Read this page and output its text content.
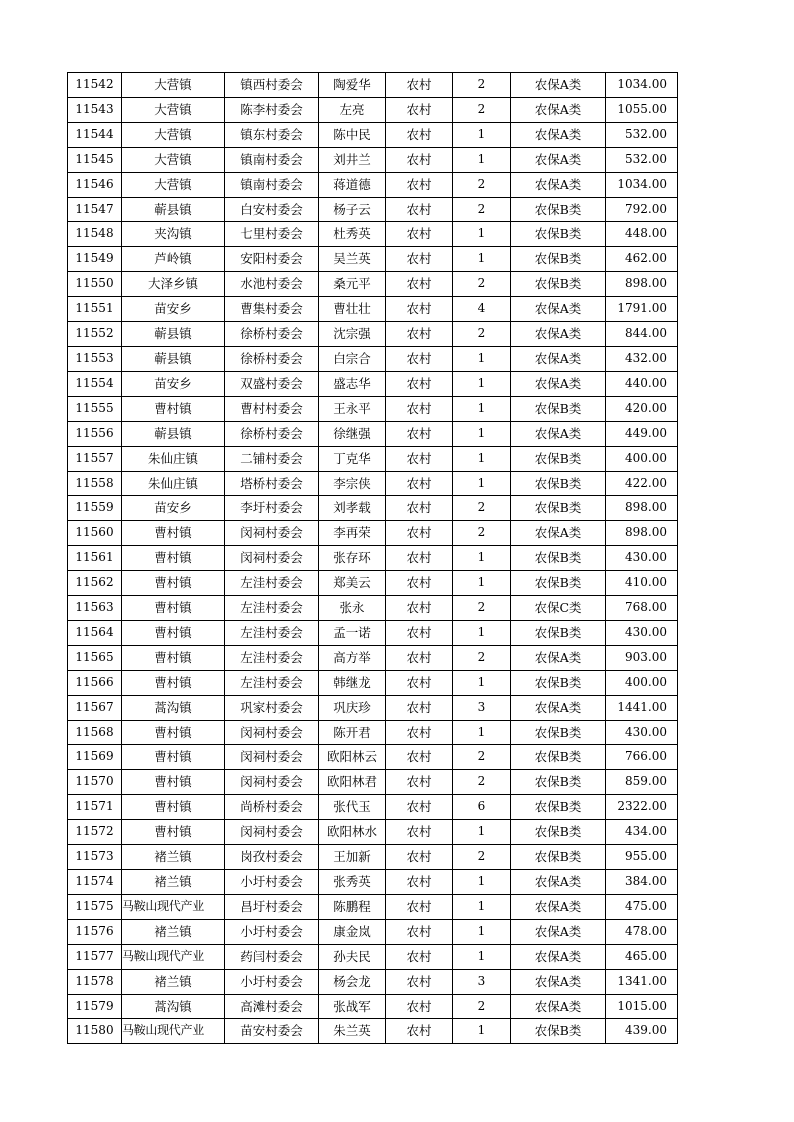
11542	大营镇	镇西村委会	陶爱华	农村	2	农保A类	1034.00
11543	大营镇	陈李村委会	左亮	农村	2	农保A类	1055.00
11544	大营镇	镇东村委会	陈中民	农村	1	农保A类	532.00
11545	大营镇	镇南村委会	刘井兰	农村	1	农保A类	532.00
11546	大营镇	镇南村委会	蒋道德	农村	2	农保A类	1034.00
11547	蕲县镇	白安村委会	杨子云	农村	2	农保B类	792.00
11548	夹沟镇	七里村委会	杜秀英	农村	1	农保B类	448.00
11549	芦岭镇	安阳村委会	吴兰英	农村	1	农保B类	462.00
11550	大泽乡镇	水池村委会	桑元平	农村	2	农保B类	898.00
11551	苗安乡	曹集村委会	曹壮壮	农村	4	农保A类	1791.00
11552	蕲县镇	徐桥村委会	沈宗强	农村	2	农保A类	844.00
11553	蕲县镇	徐桥村委会	白宗合	农村	1	农保A类	432.00
11554	苗安乡	双盛村委会	盛志华	农村	1	农保A类	440.00
11555	曹村镇	曹村村委会	王永平	农村	1	农保B类	420.00
11556	蕲县镇	徐桥村委会	徐继强	农村	1	农保A类	449.00
11557	朱仙庄镇	二铺村委会	丁克华	农村	1	农保B类	400.00
11558	朱仙庄镇	塔桥村委会	李宗侠	农村	1	农保B类	422.00
11559	苗安乡	李圩村委会	刘孝载	农村	2	农保B类	898.00
11560	曹村镇	闵祠村委会	李再荣	农村	2	农保A类	898.00
11561	曹村镇	闵祠村委会	张存环	农村	1	农保B类	430.00
11562	曹村镇	左洼村委会	郑美云	农村	1	农保B类	410.00
11563	曹村镇	左洼村委会	张永	农村	2	农保C类	768.00
11564	曹村镇	左洼村委会	孟一诺	农村	1	农保B类	430.00
11565	曹村镇	左洼村委会	高方举	农村	2	农保A类	903.00
11566	曹村镇	左洼村委会	韩继龙	农村	1	农保B类	400.00
11567	蒿沟镇	巩家村委会	巩庆珍	农村	3	农保A类	1441.00
11568	曹村镇	闵祠村委会	陈开君	农村	1	农保B类	430.00
11569	曹村镇	闵祠村委会	欧阳林云	农村	2	农保B类	766.00
11570	曹村镇	闵祠村委会	欧阳林君	农村	2	农保B类	859.00
11571	曹村镇	尚桥村委会	张代玉	农村	6	农保B类	2322.00
11572	曹村镇	闵祠村委会	欧阳林水	农村	1	农保B类	434.00
11573	褚兰镇	岗孜村委会	王加新	农村	2	农保B类	955.00
11574	褚兰镇	小圩村委会	张秀英	农村	1	农保A类	384.00
11575	马鞍山现代产业	昌圩村委会	陈鹏程	农村	1	农保A类	475.00
11576	褚兰镇	小圩村委会	康金岚	农村	1	农保A类	478.00
11577	马鞍山现代产业	药闫村委会	孙夫民	农村	1	农保A类	465.00
11578	褚兰镇	小圩村委会	杨会龙	农村	3	农保A类	1341.00
11579	蒿沟镇	高滩村委会	张战军	农村	2	农保A类	1015.00
11580	马鞍山现代产业	苗安村委会	朱兰英	农村	1	农保B类	439.00
